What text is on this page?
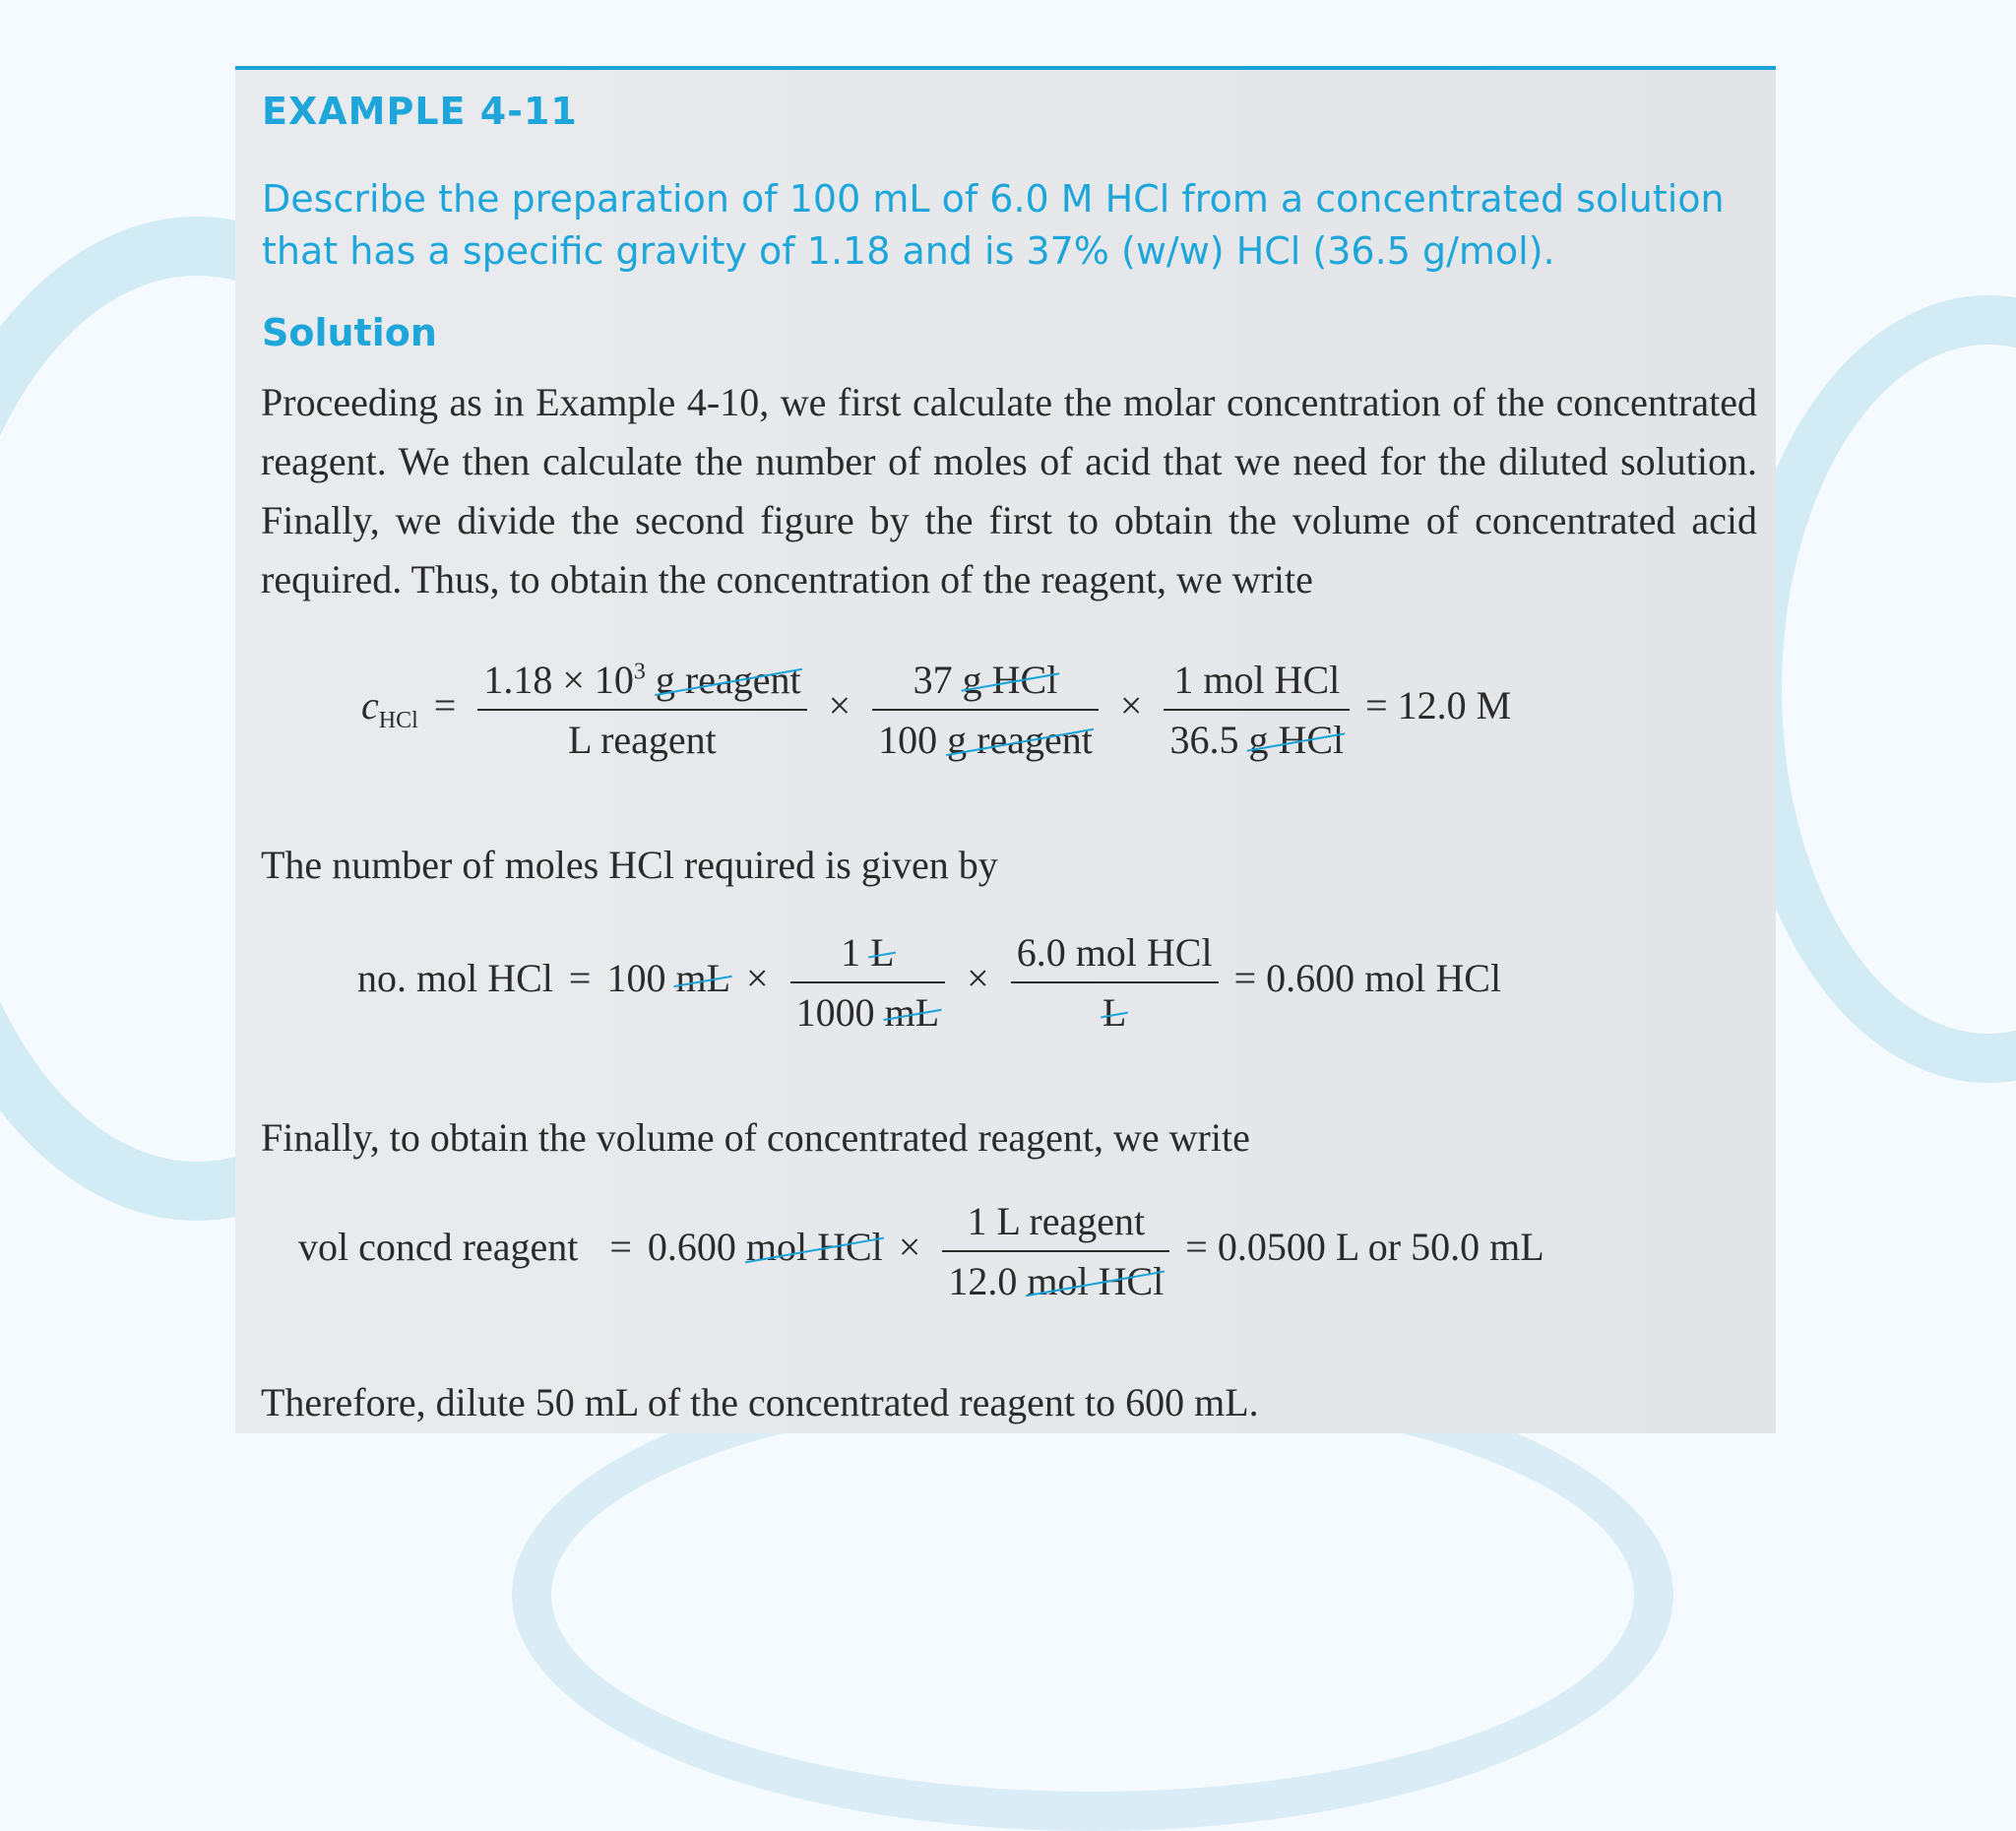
EXAMPLE 4-11
Describe the preparation of 100 mL of 6.0 M HCl from a concentrated solution that has a specific gravity of 1.18 and is 37% (w/w) HCl (36.5 g/mol).
Solution
Proceeding as in Example 4-10, we first calculate the molar concentration of the concentrated reagent. We then calculate the number of moles of acid that we need for the diluted solution. Finally, we divide the second figure by the first to obtain the volume of concentrated acid required. Thus, to obtain the concentration of the reagent, we write
$c_{HCl} = \frac{1.18 \times 10^3 g reagent}{\text{L reagent}} \times \frac{\text{37 g HCl}}{\text{100 g reagent}} \times \frac{\text{1 mol HCl}}{\text{36.5 g HCl}} = 12.0$ M
The number of moles HCl required is given by
no. mol HCl = 100 mL × $\frac{1 L}{1000 mL} \times \frac{\text{6.0 mol HCl}}{L} = 0.600$ mol HCl
Finally, to obtain the volume of concentrated reagent, we write
vol concd reagent = 0.600 mol HCl × $\frac{\text{1 L reagent}}{\text{12.0 mol HCl}} = 0.0500$ L or 50.0 mL
Therefore, dilute 50 mL of the concentrated reagent to 600 mL.
